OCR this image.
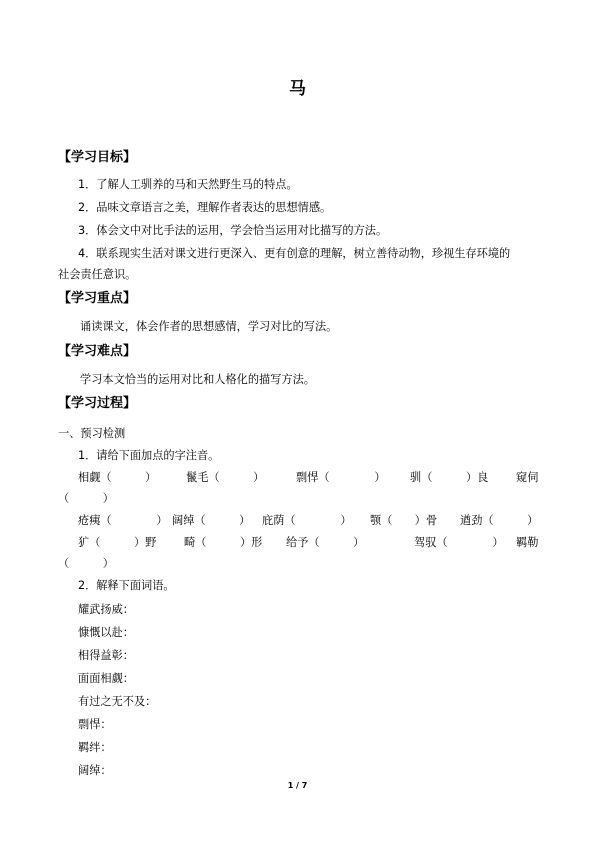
马
【学习目标】
1．了解人工驯养的马和天然野生马的特点。
2．品味文章语言之美，理解作者表达的思想情感。
3．体会文中对比手法的运用，学会恰当运用对比描写的方法。
4．联系现实生活对课文进行更深入、更有创意的理解，树立善待动物，珍视生存环境的
社会责任意识。
【学习重点】
诵读课文，体会作者的思想感情，学习对比的写法。
【学习难点】
学习本文恰当的运用对比和人格化的描写方法。
【学习过程】
一、预习检测
1．请给下面加点的字注音。
相觑（　　　）	鬣毛（　　　）	剽悍（　　　　） 驯（　　　）良 窥伺
（　　　）
疮痍（　　　　） 阔绰（　　　） 庇荫（　　　　） 颚（　　）骨 遒劲（　　　）
犷（　　　）野 畸（　　　）形 给予（　　　）	驾驭（　　　　） 羁勒
（　　　）
2．解释下面词语。
耀武扬威：
慷慨以赴：
相得益彰：
面面相觑：
有过之无不及：
剽悍：
羁绊：
阔绰：
1 / 7
